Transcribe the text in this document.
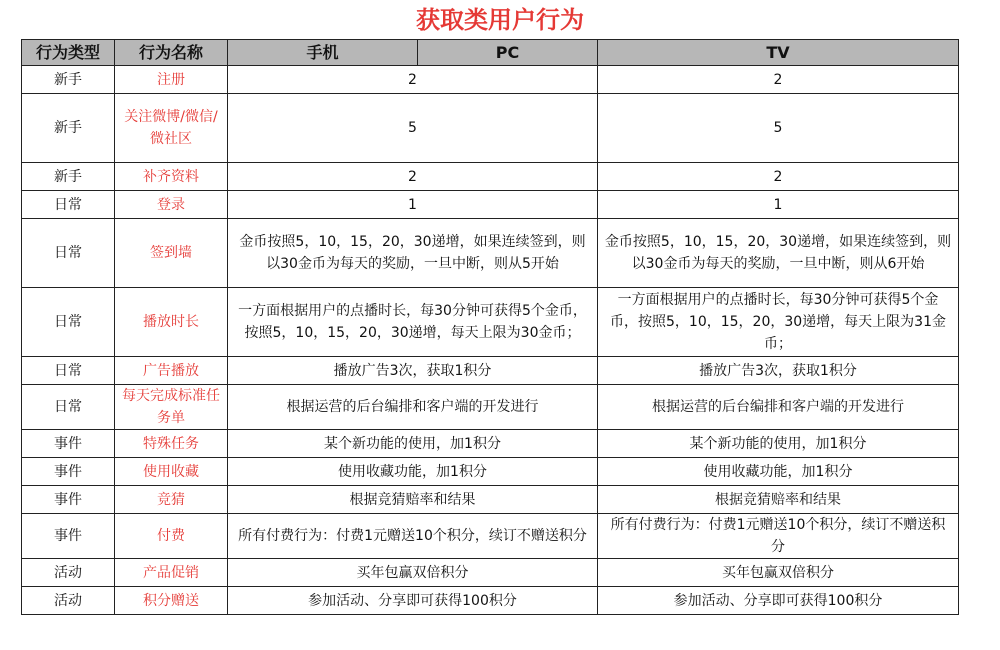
获取类用户行为
行为类型	行为名称	手机	PC	TV
新手	注册	2		2
新手	关注微博/微信/微社区	5		5
新手	补齐资料	2		2
日常	登录	1		1
日常	签到墙	金币按照5，10，15，20，30递增，如果连续签到，则以30金币为每天的奖励，一旦中断，则从5开始		金币按照5，10，15，20，30递增，如果连续签到，则以30金币为每天的奖励，一旦中断，则从6开始
日常	播放时长	一方面根据用户的点播时长，每30分钟可获得5个金币，按照5，10，15，20，30递增，每天上限为30金币；		一方面根据用户的点播时长，每30分钟可获得5个金币，按照5，10，15，20，30递增，每天上限为31金币；
日常	广告播放	播放广告3次，获取1积分		播放广告3次，获取1积分
日常	每天完成标准任务单	根据运营的后台编排和客户端的开发进行		根据运营的后台编排和客户端的开发进行
事件	特殊任务	某个新功能的使用，加1积分		某个新功能的使用，加1积分
事件	使用收藏	使用收藏功能，加1积分		使用收藏功能，加1积分
事件	竞猜	根据竞猜赔率和结果		根据竞猜赔率和结果
事件	付费	所有付费行为：付费1元赠送10个积分，续订不赠送积分		所有付费行为：付费1元赠送10个积分，续订不赠送积分
活动	产品促销	买年包赢双倍积分		买年包赢双倍积分
活动	积分赠送	参加活动、分享即可获得100积分		参加活动、分享即可获得100积分
